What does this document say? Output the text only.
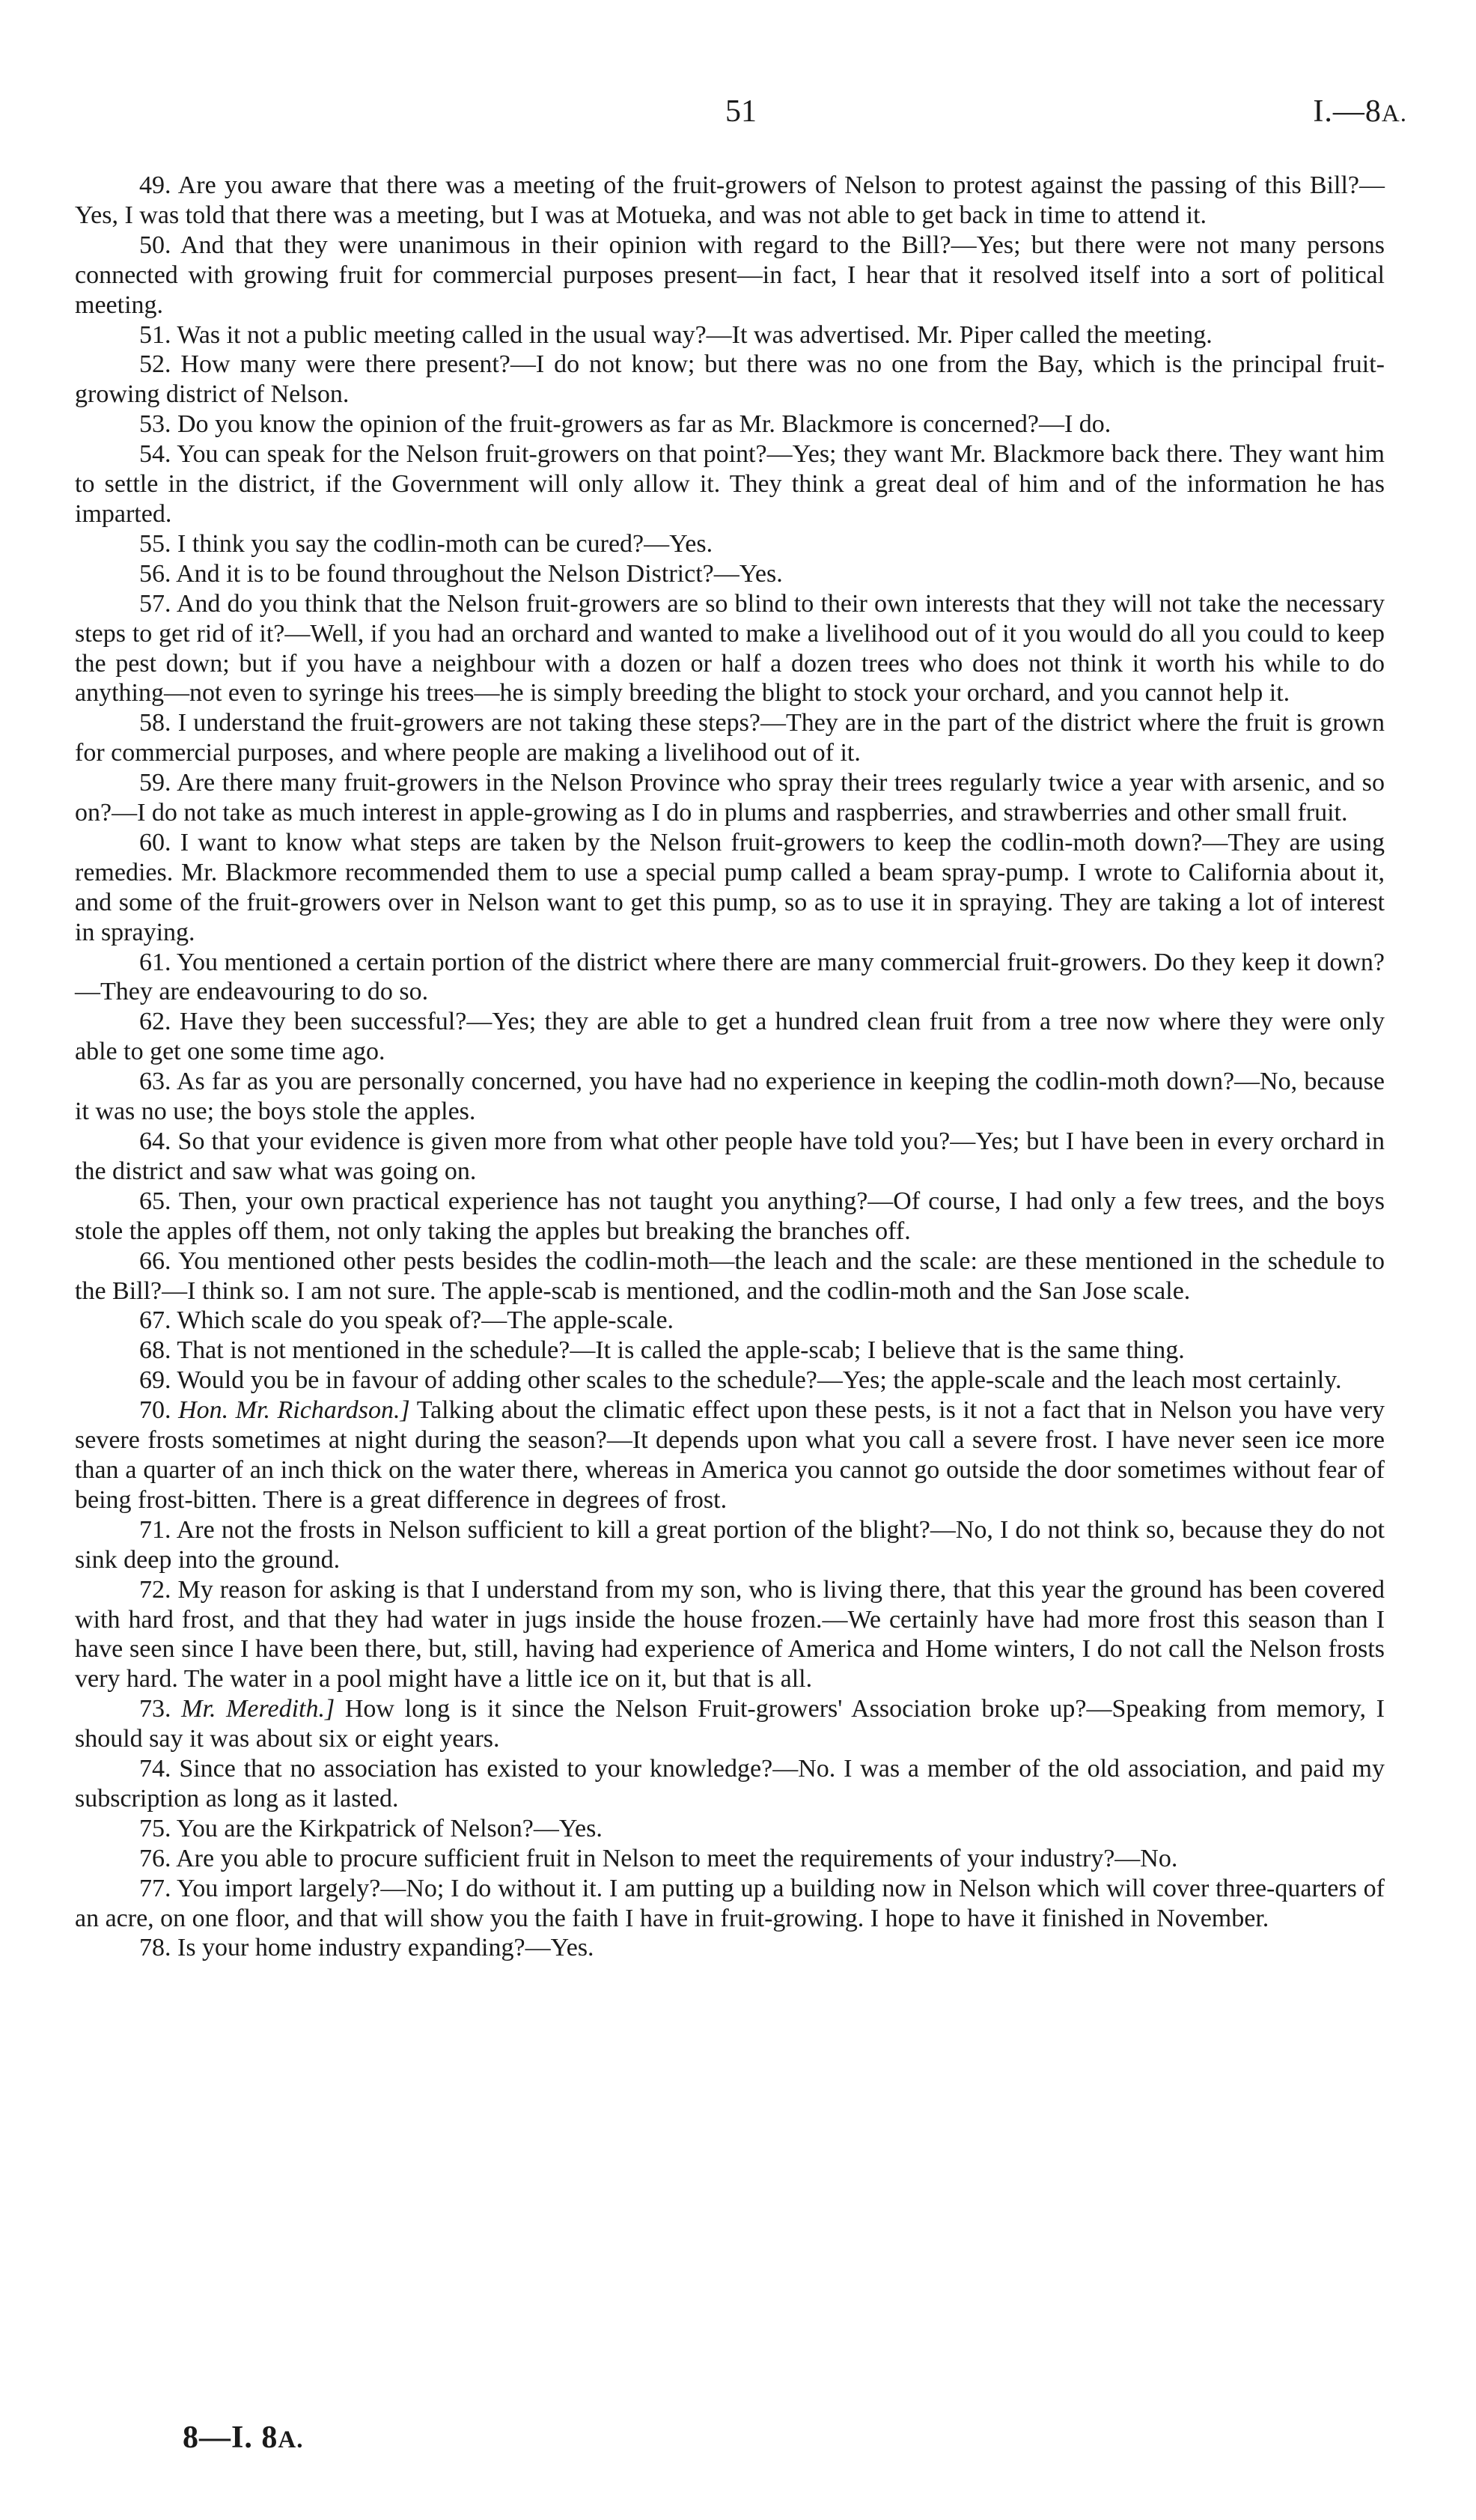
51	I.—8A.

49. Are you aware that there was a meeting of the fruit-growers of Nelson to protest against the passing of this Bill?—Yes, I was told that there was a meeting, but I was at Motueka, and was not able to get back in time to attend it.

50. And that they were unanimous in their opinion with regard to the Bill?—Yes; but there were not many persons connected with growing fruit for commercial purposes present—in fact, I hear that it resolved itself into a sort of political meeting.

51. Was it not a public meeting called in the usual way?—It was advertised. Mr. Piper called the meeting.

52. How many were there present?—I do not know; but there was no one from the Bay, which is the principal fruit-growing district of Nelson.

53. Do you know the opinion of the fruit-growers as far as Mr. Blackmore is concerned?—I do.

54. You can speak for the Nelson fruit-growers on that point?—Yes; they want Mr. Blackmore back there. They want him to settle in the district, if the Government will only allow it. They think a great deal of him and of the information he has imparted.

55. I think you say the codlin-moth can be cured?—Yes.

56. And it is to be found throughout the Nelson District?—Yes.

57. And do you think that the Nelson fruit-growers are so blind to their own interests that they will not take the necessary steps to get rid of it?—Well, if you had an orchard and wanted to make a livelihood out of it you would do all you could to keep the pest down; but if you have a neighbour with a dozen or half a dozen trees who does not think it worth his while to do anything—not even to syringe his trees—he is simply breeding the blight to stock your orchard, and you cannot help it.

58. I understand the fruit-growers are not taking these steps?—They are in the part of the district where the fruit is grown for commercial purposes, and where people are making a livelihood out of it.

59. Are there many fruit-growers in the Nelson Province who spray their trees regularly twice a year with arsenic, and so on?—I do not take as much interest in apple-growing as I do in plums and raspberries, and strawberries and other small fruit.

60. I want to know what steps are taken by the Nelson fruit-growers to keep the codlin-moth down?—They are using remedies. Mr. Blackmore recommended them to use a special pump called a beam spray-pump. I wrote to California about it, and some of the fruit-growers over in Nelson want to get this pump, so as to use it in spraying. They are taking a lot of interest in spraying.

61. You mentioned a certain portion of the district where there are many commercial fruit-growers. Do they keep it down?—They are endeavouring to do so.

62. Have they been successful?—Yes; they are able to get a hundred clean fruit from a tree now where they were only able to get one some time ago.

63. As far as you are personally concerned, you have had no experience in keeping the codlin-moth down?—No, because it was no use; the boys stole the apples.

64. So that your evidence is given more from what other people have told you?—Yes; but I have been in every orchard in the district and saw what was going on.

65. Then, your own practical experience has not taught you anything?—Of course, I had only a few trees, and the boys stole the apples off them, not only taking the apples but breaking the branches off.

66. You mentioned other pests besides the codlin-moth—the leach and the scale: are these mentioned in the schedule to the Bill?—I think so. I am not sure. The apple-scab is mentioned, and the codlin-moth and the San Jose scale.

67. Which scale do you speak of?—The apple-scale.

68. That is not mentioned in the schedule?—It is called the apple-scab; I believe that is the same thing.

69. Would you be in favour of adding other scales to the schedule?—Yes; the apple-scale and the leach most certainly.

70. Hon. Mr. Richardson.] Talking about the climatic effect upon these pests, is it not a fact that in Nelson you have very severe frosts sometimes at night during the season?—It depends upon what you call a severe frost. I have never seen ice more than a quarter of an inch thick on the water there, whereas in America you cannot go outside the door sometimes without fear of being frost-bitten. There is a great difference in degrees of frost.

71. Are not the frosts in Nelson sufficient to kill a great portion of the blight?—No, I do not think so, because they do not sink deep into the ground.

72. My reason for asking is that I understand from my son, who is living there, that this year the ground has been covered with hard frost, and that they had water in jugs inside the house frozen.—We certainly have had more frost this season than I have seen since I have been there, but, still, having had experience of America and Home winters, I do not call the Nelson frosts very hard. The water in a pool might have a little ice on it, but that is all.

73. Mr. Meredith.] How long is it since the Nelson Fruit-growers' Association broke up?—Speaking from memory, I should say it was about six or eight years.

74. Since that no association has existed to your knowledge?—No. I was a member of the old association, and paid my subscription as long as it lasted.

75. You are the Kirkpatrick of Nelson?—Yes.

76. Are you able to procure sufficient fruit in Nelson to meet the requirements of your industry?—No.

77. You import largely?—No; I do without it. I am putting up a building now in Nelson which will cover three-quarters of an acre, on one floor, and that will show you the faith I have in fruit-growing. I hope to have it finished in November.

78. Is your home industry expanding?—Yes.

8—I. 8A.
